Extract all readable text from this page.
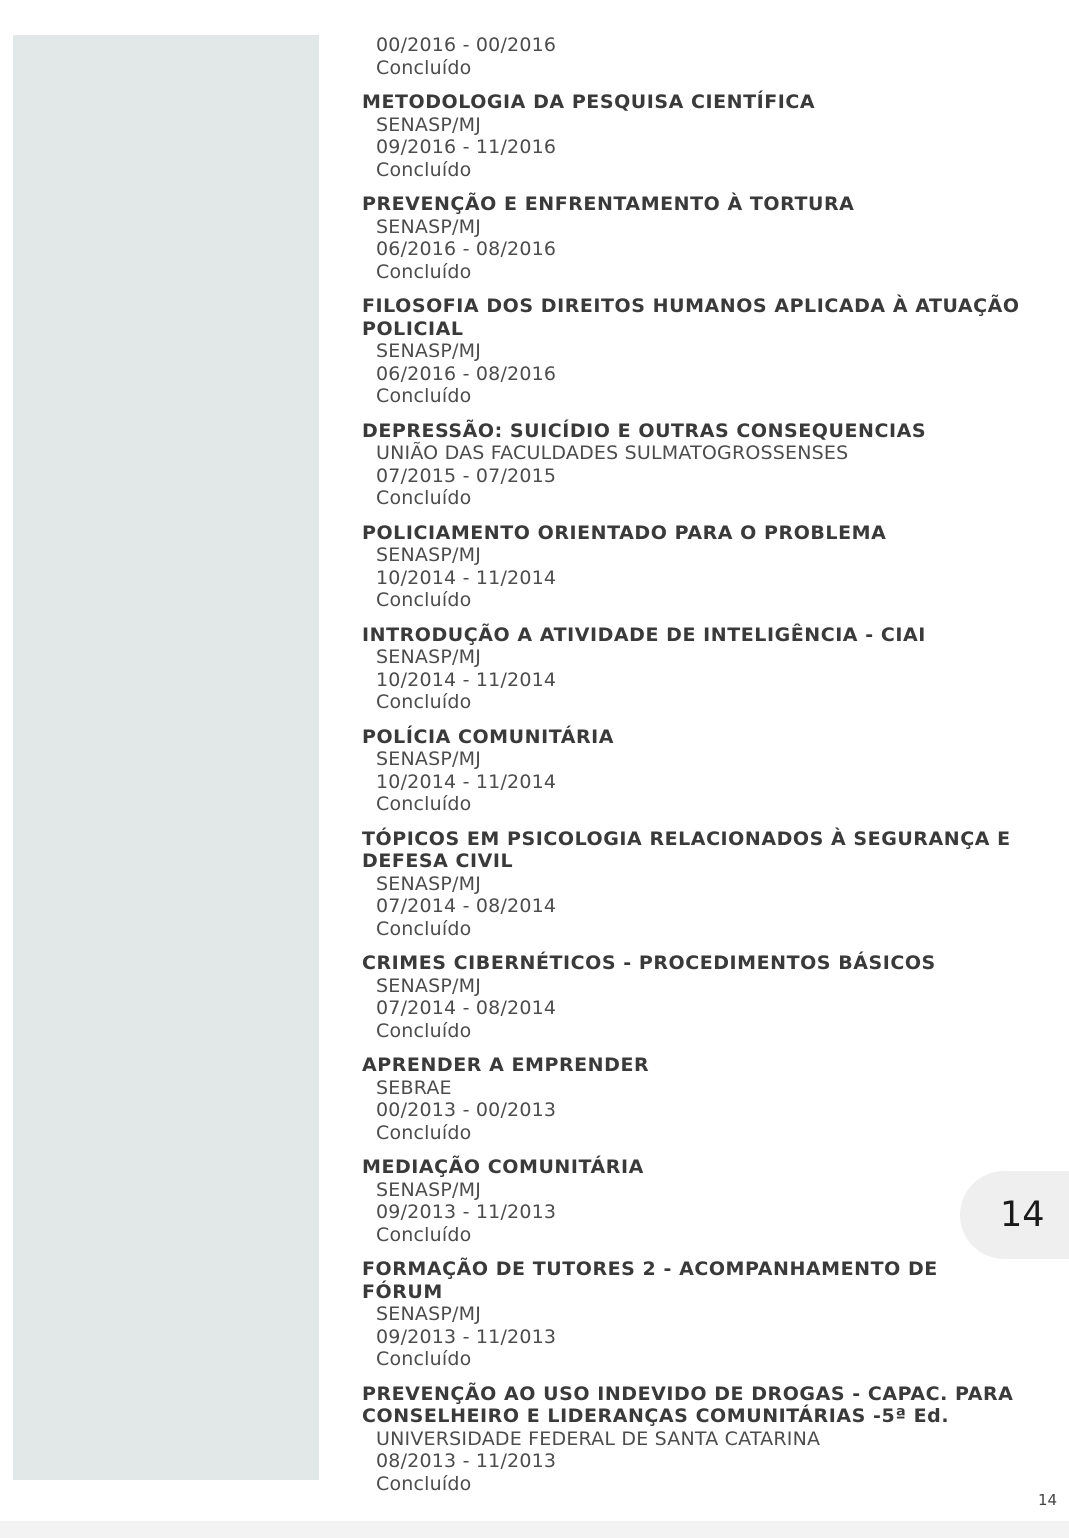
00/2016 - 00/2016
Concluído
METODOLOGIA DA PESQUISA CIENTÍFICA
SENASP/MJ
09/2016 - 11/2016
Concluído
PREVENÇÃO E ENFRENTAMENTO À TORTURA
SENASP/MJ
06/2016 - 08/2016
Concluído
FILOSOFIA DOS DIREITOS HUMANOS APLICADA À ATUAÇÃO
POLICIAL
SENASP/MJ
06/2016 - 08/2016
Concluído
DEPRESSÃO: SUICÍDIO E OUTRAS CONSEQUENCIAS
UNIÃO DAS FACULDADES SULMATOGROSSENSES
07/2015 - 07/2015
Concluído
POLICIAMENTO ORIENTADO PARA O PROBLEMA
SENASP/MJ
10/2014 - 11/2014
Concluído
INTRODUÇÃO A ATIVIDADE DE INTELIGÊNCIA - CIAI
SENASP/MJ
10/2014 - 11/2014
Concluído
POLÍCIA COMUNITÁRIA
SENASP/MJ
10/2014 - 11/2014
Concluído
TÓPICOS EM PSICOLOGIA RELACIONADOS À SEGURANÇA E
DEFESA CIVIL
SENASP/MJ
07/2014 - 08/2014
Concluído
CRIMES CIBERNÉTICOS - PROCEDIMENTOS BÁSICOS
SENASP/MJ
07/2014 - 08/2014
Concluído
APRENDER A EMPRENDER
SEBRAE
00/2013 - 00/2013
Concluído
MEDIAÇÃO COMUNITÁRIA
SENASP/MJ
09/2013 - 11/2013
Concluído
FORMAÇÃO DE TUTORES 2 - ACOMPANHAMENTO DE FÓRUM
SENASP/MJ
09/2013 - 11/2013
Concluído
PREVENÇÃO AO USO INDEVIDO DE DROGAS - CAPAC. PARA
CONSELHEIRO E LIDERANÇAS COMUNITÁRIAS -5ª Ed.
UNIVERSIDADE FEDERAL DE SANTA CATARINA
08/2013 - 11/2013
Concluído
14
14
